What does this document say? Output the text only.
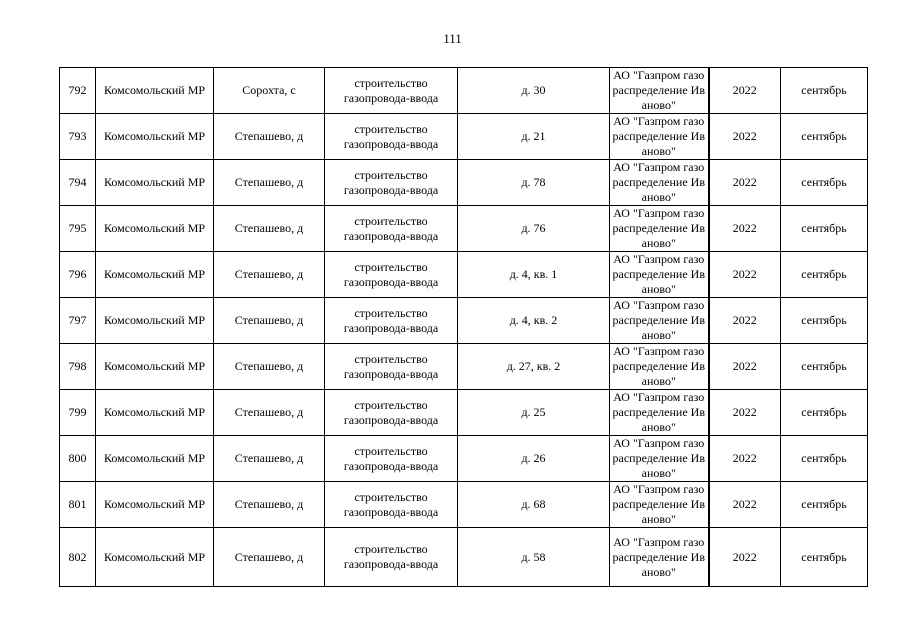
111
792	Комсомольский МР	Сорохта, с	строительство газопровода-ввода	д. 30	АО "Газпром газораспределение Иваново"	2022	сентябрь

793	Комсомольский МР	Степашево, д	строительство газопровода-ввода	д. 21	АО "Газпром газораспределение Иваново"	2022	сентябрь

794	Комсомольский МР	Степашево, д	строительство газопровода-ввода	д. 78	АО "Газпром газораспределение Иваново"	2022	сентябрь

795	Комсомольский МР	Степашево, д	строительство газопровода-ввода	д. 76	АО "Газпром газораспределение Иваново"	2022	сентябрь

796	Комсомольский МР	Степашево, д	строительство газопровода-ввода	д. 4, кв. 1	АО "Газпром газораспределение Иваново"	2022	сентябрь

797	Комсомольский МР	Степашево, д	строительство газопровода-ввода	д. 4, кв. 2	АО "Газпром газораспределение Иваново"	2022	сентябрь

798	Комсомольский МР	Степашево, д	строительство газопровода-ввода	д. 27, кв. 2	АО "Газпром газораспределение Иваново"	2022	сентябрь

799	Комсомольский МР	Степашево, д	строительство газопровода-ввода	д. 25	АО "Газпром газораспределение Иваново"	2022	сентябрь

800	Комсомольский МР	Степашево, д	строительство газопровода-ввода	д. 26	АО "Газпром газораспределение Иваново"	2022	сентябрь

801	Комсомольский МР	Степашево, д	строительство газопровода-ввода	д. 68	АО "Газпром газораспределение Иваново"	2022	сентябрь

802	Комсомольский МР	Степашево, д	строительство газопровода-ввода	д. 58	АО "Газпром газораспределение Иваново"	2022	сентябрь
